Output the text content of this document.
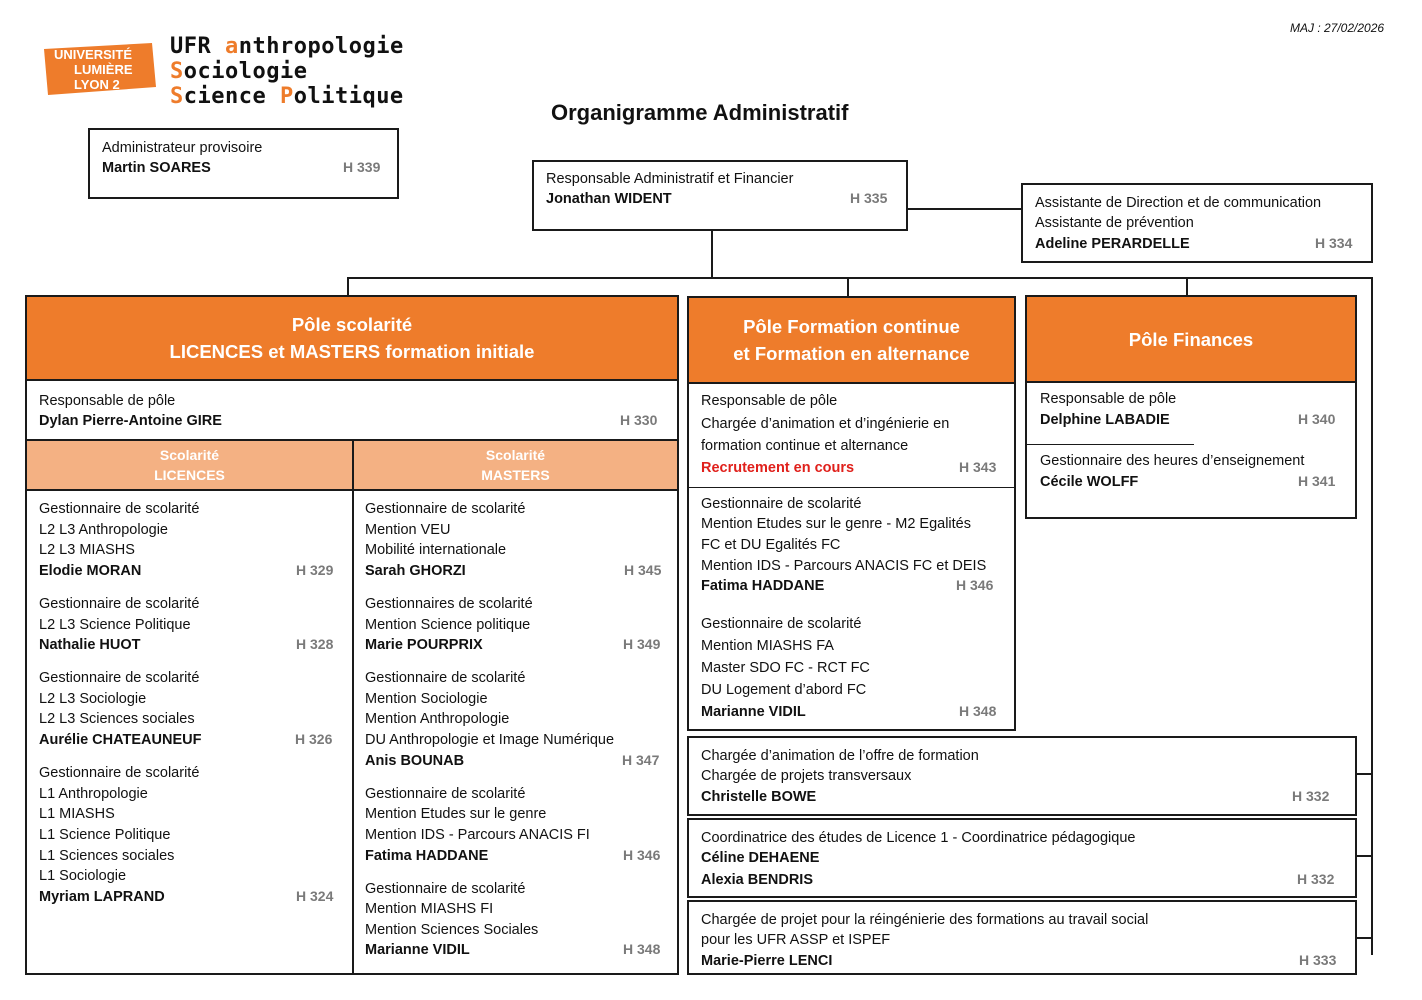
UNIVERSITÉ
LUMIÈRE
LYON 2
UFR anthropologie
Sociologie
Science Politique
MAJ : 27/02/2026
Organigramme Administratif
Administrateur provisoire
Martin SOARES	H 339
Responsable Administratif et Financier
Jonathan WIDENT	H 335	Assistante de Direction et de communication
Assistante de prévention
Adeline PERARDELLE	H 334
Pôle scolarité
LICENCES et MASTERS formation initiale
Responsable de pôle
Dylan Pierre-Antoine GIRE	H 330
Scolarité
LICENCES
Scolarité
MASTERS
Gestionnaire de scolarité
L2 L3 Anthropologie
L2 L3 MIASHS
Elodie MORAN	H 329
Gestionnaire de scolarité
L2 L3 Science Politique
Nathalie HUOT	H 328
Gestionnaire de scolarité
L2 L3 Sociologie
L2 L3 Sciences sociales
Aurélie CHATEAUNEUF	H 326
Gestionnaire de scolarité
L1 Anthropologie
L1 MIASHS
L1 Science Politique
L1 Sciences sociales
L1 Sociologie
Myriam LAPRAND	H 324
Gestionnaire de scolarité
Mention VEU
Mobilité internationale
Sarah GHORZI	H 345
Gestionnaires de scolarité
Mention Science politique
Marie POURPRIX	H 349
Gestionnaire de scolarité
Mention Sociologie
Mention Anthropologie
DU Anthropologie et Image Numérique
Anis BOUNAB	H 347
Gestionnaire de scolarité
Mention Etudes sur le genre
Mention IDS - Parcours ANACIS FI
Fatima HADDANE	H 346
Gestionnaire de scolarité
Mention MIASHS FI
Mention Sciences Sociales
Marianne VIDIL	H 348
Pôle Formation continue
et Formation en alternance
Responsable de pôle
Chargée d’animation et d’ingénierie en
formation continue et alternance
Recrutement en cours	H 343
Gestionnaire de scolarité
Mention Etudes sur le genre - M2 Egalités
FC et DU Egalités FC
Mention IDS - Parcours ANACIS FC et DEIS
Fatima HADDANE	H 346
Gestionnaire de scolarité
Mention MIASHS FA
Master SDO FC - RCT FC
DU Logement d’abord FC
Marianne VIDIL	H 348
Pôle Finances
Responsable de pôle
Delphine LABADIE	H 340
Gestionnaire des heures d’enseignement
Cécile WOLFF	H 341
Chargée d’animation de l’offre de formation
Chargée de projets transversaux
Christelle BOWE	H 332
Coordinatrice des études de Licence 1 - Coordinatrice pédagogique
Céline DEHAENE
Alexia BENDRIS	H 332
Chargée de projet pour la réingénierie des formations au travail social
pour les UFR ASSP et ISPEF
Marie-Pierre LENCI	H 333
